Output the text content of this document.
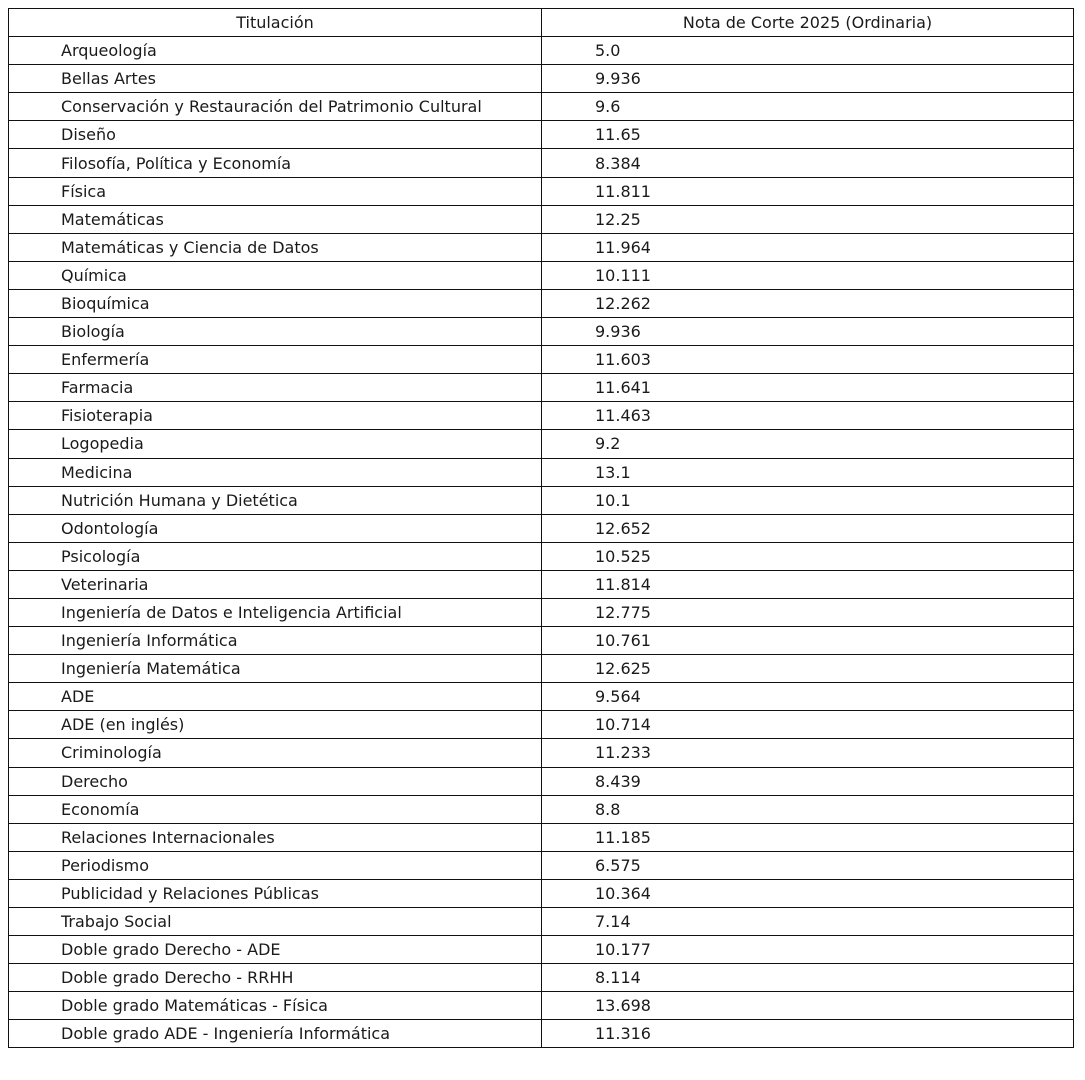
Titulación	Nota de Corte 2025 (Ordinaria)
Arqueología	5.0
Bellas Artes	9.936
Conservación y Restauración del Patrimonio Cultural	9.6
Diseño	11.65
Filosofía, Política y Economía	8.384
Física	11.811
Matemáticas	12.25
Matemáticas y Ciencia de Datos	11.964
Química	10.111
Bioquímica	12.262
Biología	9.936
Enfermería	11.603
Farmacia	11.641
Fisioterapia	11.463
Logopedia	9.2
Medicina	13.1
Nutrición Humana y Dietética	10.1
Odontología	12.652
Psicología	10.525
Veterinaria	11.814
Ingeniería de Datos e Inteligencia Artificial	12.775
Ingeniería Informática	10.761
Ingeniería Matemática	12.625
ADE	9.564
ADE (en inglés)	10.714
Criminología	11.233
Derecho	8.439
Economía	8.8
Relaciones Internacionales	11.185
Periodismo	6.575
Publicidad y Relaciones Públicas	10.364
Trabajo Social	7.14
Doble grado Derecho - ADE	10.177
Doble grado Derecho - RRHH	8.114
Doble grado Matemáticas - Física	13.698
Doble grado ADE - Ingeniería Informática	11.316
